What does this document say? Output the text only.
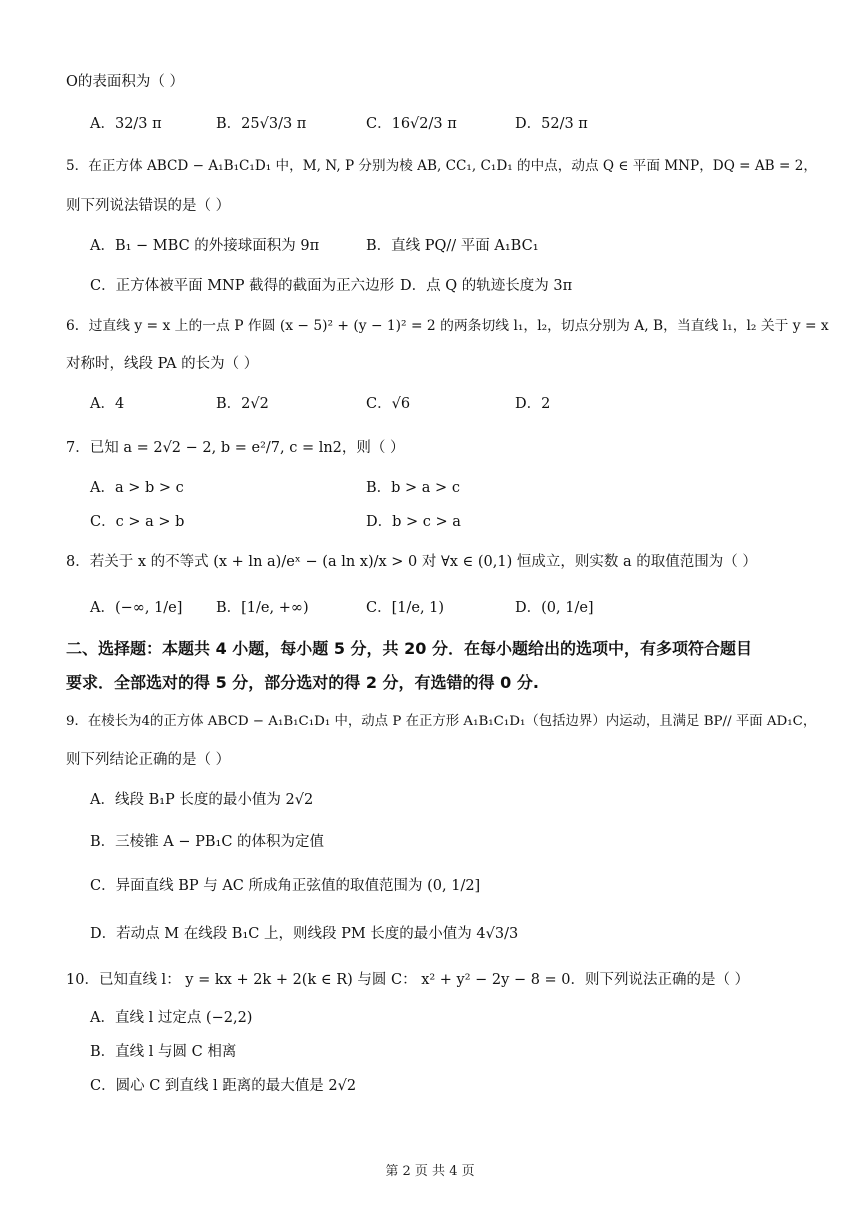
O的表面积为（ ）
A．32/3 π	B．25√3/3 π	C．16√2/3 π	D．52/3 π
5．在正方体 ABCD − A₁B₁C₁D₁ 中，M, N, P 分别为棱 AB, CC₁, C₁D₁ 的中点，动点 Q ∈ 平面 MNP，DQ = AB = 2，
则下列说法错误的是（ ）
A．B₁ − MBC 的外接球面积为 9π	B．直线 PQ// 平面 A₁BC₁
C．正方体被平面 MNP 截得的截面为正六边形 D．点 Q 的轨迹长度为 3π
6．过直线 y = x 上的一点 P 作圆 (x − 5)² + (y − 1)² = 2 的两条切线 l₁，l₂，切点分别为 A, B，当直线 l₁，l₂ 关于 y = x
对称时，线段 PA 的长为（ ）
A．4	B．2√2	C．√6	D．2
7．已知 a = 2√2 − 2, b = e²/7, c = ln2，则（ ）
A．a > b > c	B．b > a > c
C．c > a > b	D．b > c > a
8．若关于 x 的不等式 (x + ln a)/eˣ − (a ln x)/x > 0 对 ∀x ∈ (0,1) 恒成立，则实数 a 的取值范围为（ ）
A．(−∞, 1/e] B．[1/e, +∞)	C．[1/e, 1)	D．(0, 1/e]
二、选择题：本题共 4 小题，每小题 5 分，共 20 分．在每小题给出的选项中，有多项符合题目
要求．全部选对的得 5 分，部分选对的得 2 分，有选错的得 0 分.
9．在棱长为4的正方体 ABCD − A₁B₁C₁D₁ 中，动点 P 在正方形 A₁B₁C₁D₁（包括边界）内运动，且满足 BP// 平面 AD₁C，
则下列结论正确的是（ ）
A．线段 B₁P 长度的最小值为 2√2
B．三棱锥 A − PB₁C 的体积为定值
C．异面直线 BP 与 AC 所成角正弦值的取值范围为 (0, 1/2]
D．若动点 M 在线段 B₁C 上，则线段 PM 长度的最小值为 4√3/3
10．已知直线 l： y = kx + 2k + 2(k ∈ R) 与圆 C： x² + y² − 2y − 8 = 0．则下列说法正确的是（ ）
A．直线 l 过定点 (−2,2)
B．直线 l 与圆 C 相离
C．圆心 C 到直线 l 距离的最大值是 2√2
第 2 页 共 4 页
